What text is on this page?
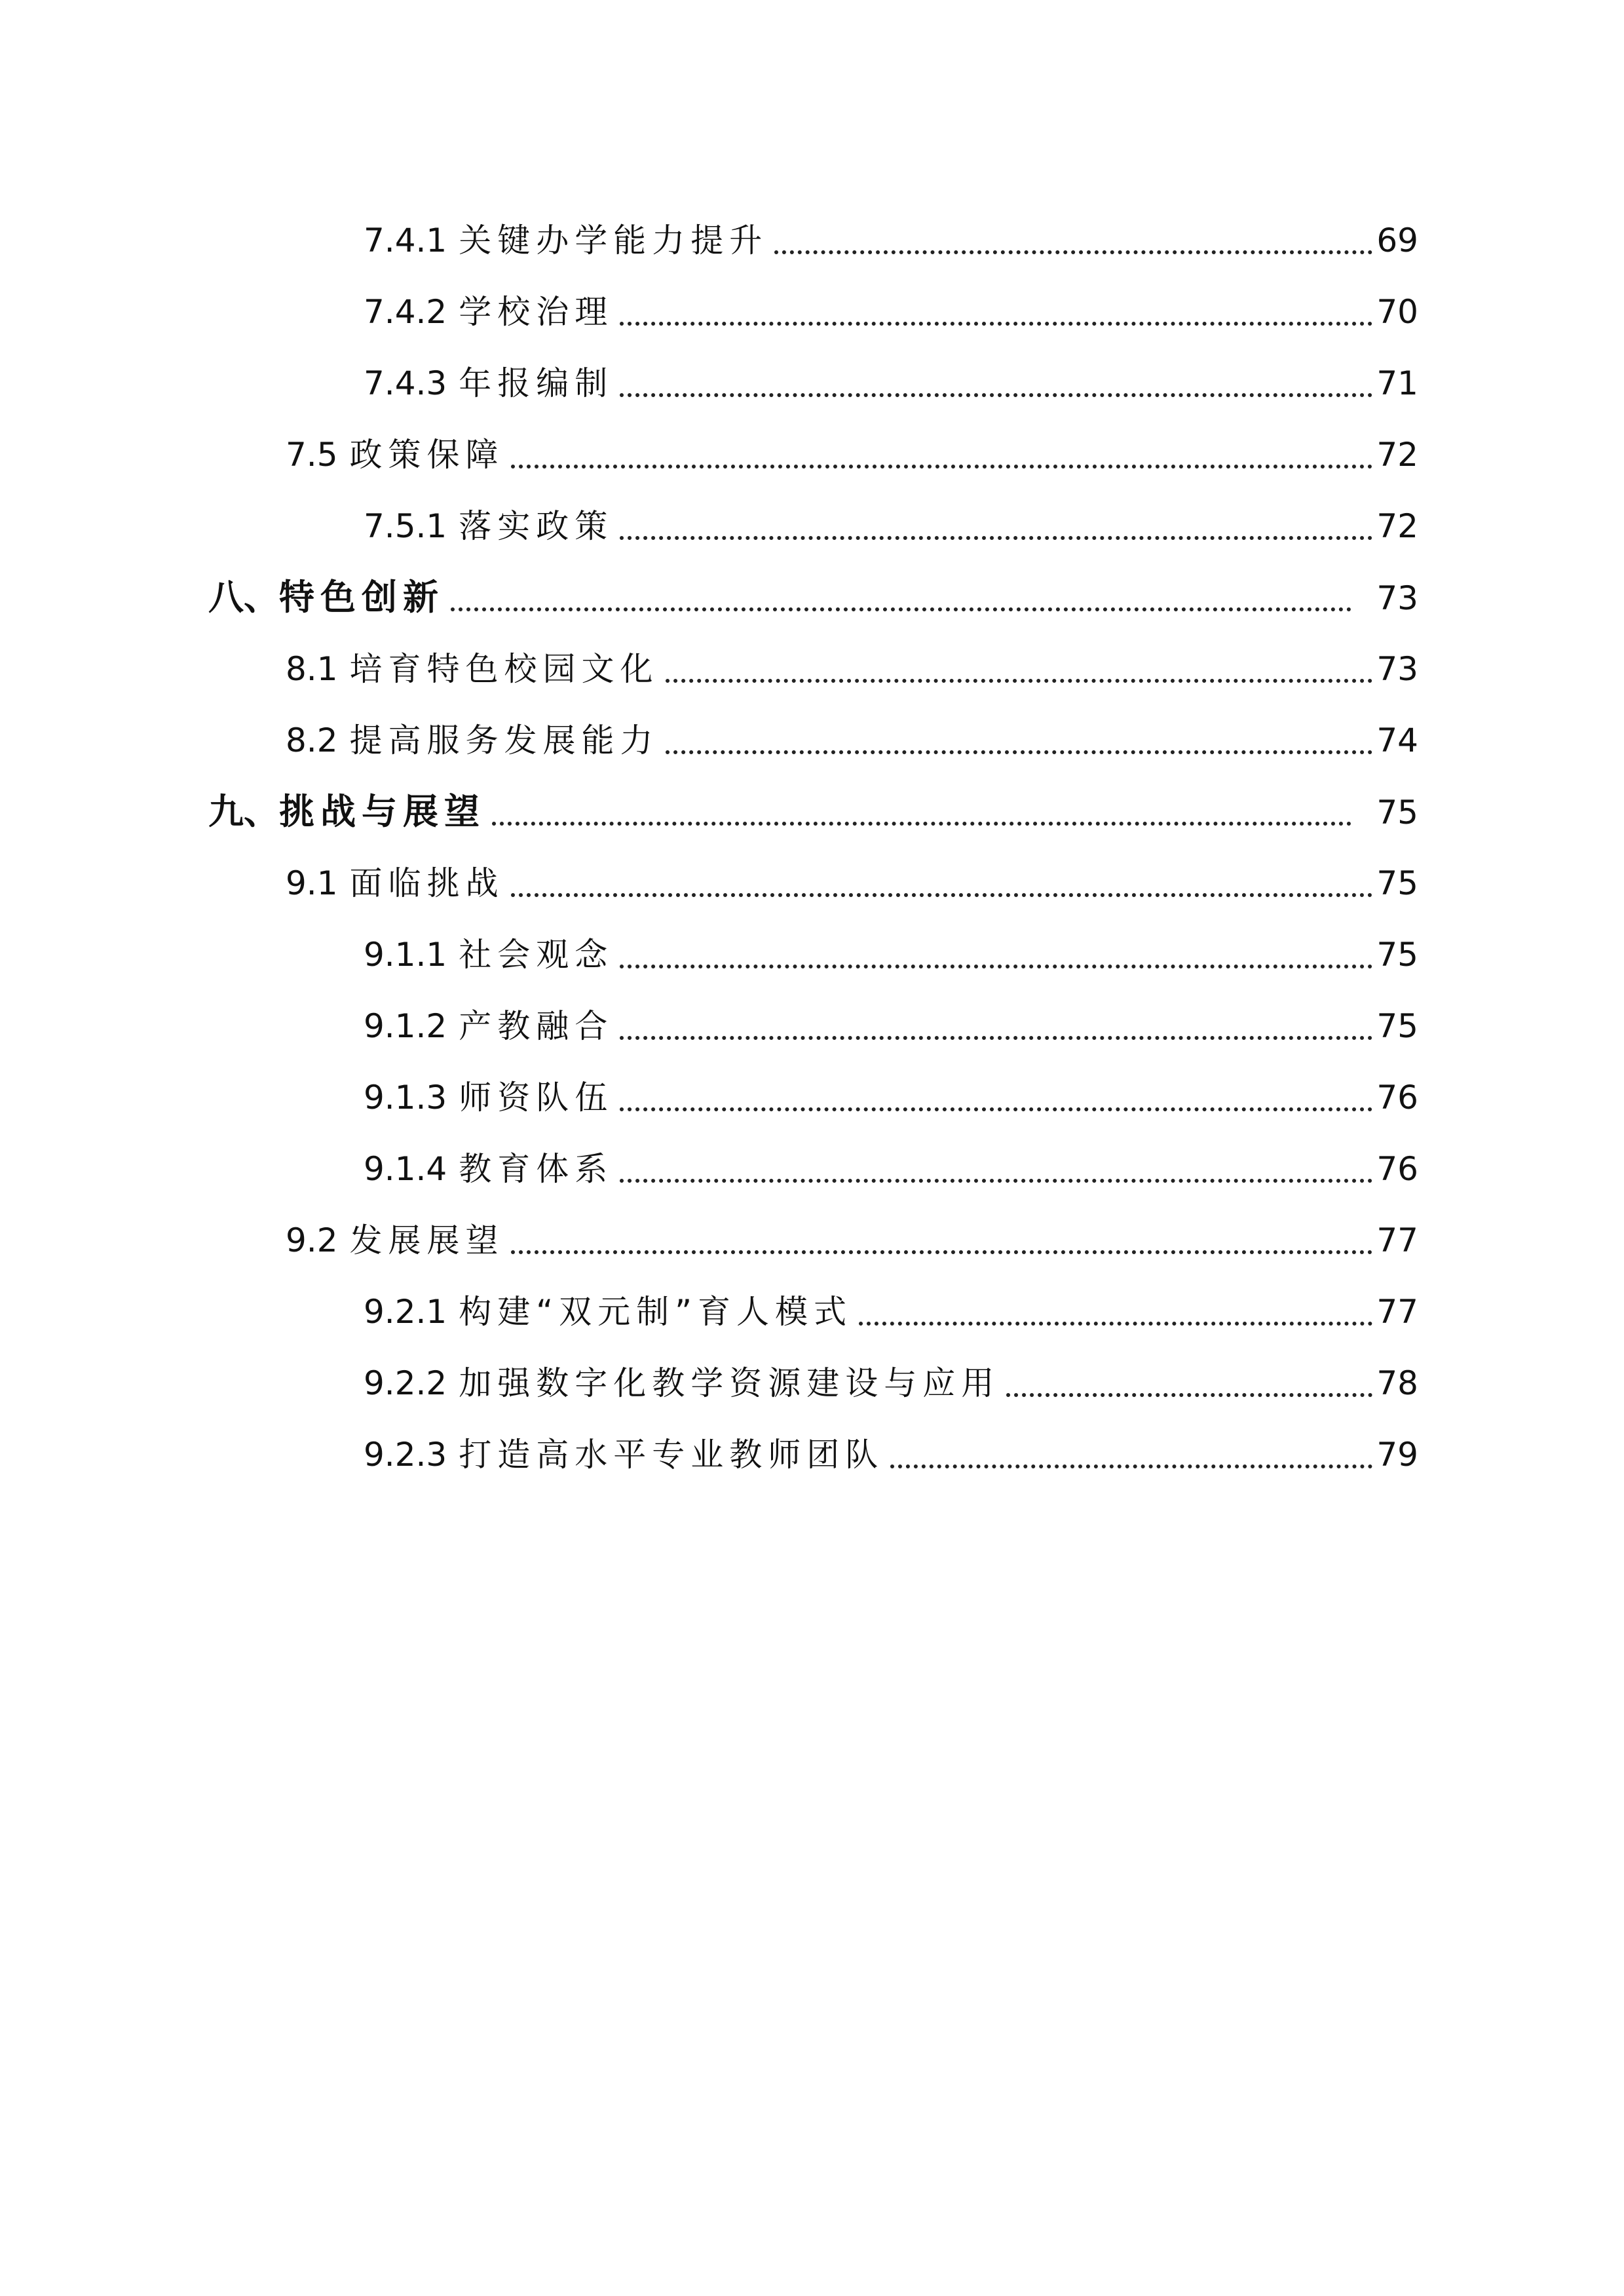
7.4.1 关键办学能力提升	69
7.4.2 学校治理	70
7.4.3 年报编制	71
7.5 政策保障	72
7.5.1 落实政策	72
八、 特色创新	73
8.1 培育特色校园文化	73
8.2 提高服务发展能力	74
九、 挑战与展望	75
9.1 面临挑战	75
9.1.1 社会观念	75
9.1.2 产教融合	75
9.1.3 师资队伍	76
9.1.4 教育体系	76
9.2 发展展望	77
9.2.1 构建“双元制”育人模式	77
9.2.2 加强数字化教学资源建设与应用	78
9.2.3 打造高水平专业教师团队	79
